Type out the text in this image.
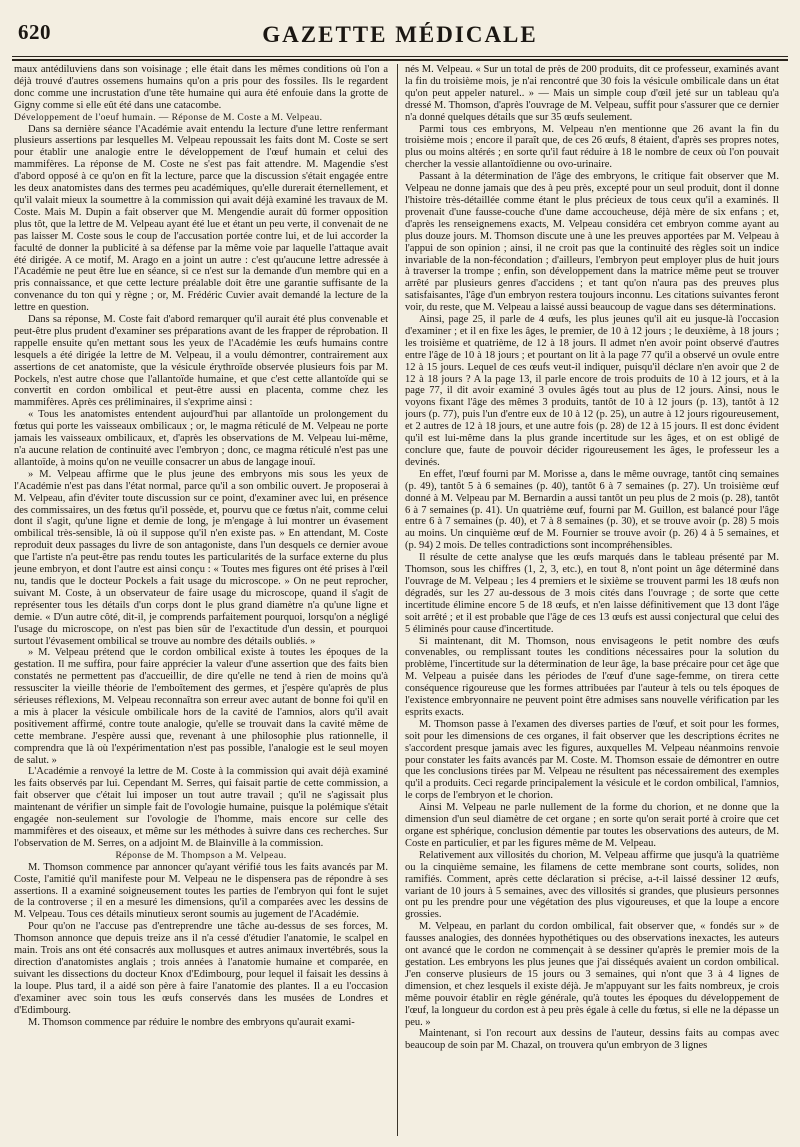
620	GAZETTE MÉDICALE

maux antédiluviens dans son voisinage ; elle était dans les mêmes conditions où l'on a déjà trouvé d'autres ossemens humains qu'on a pris pour des fossiles. Ils le regardent donc comme une incrustation d'une tête humaine qui aura été enfouie dans la grotte de Gigny comme si elle eût été dans une catacombe.

Développement de l'oeuf humain. — Réponse de M. Coste a M. Velpeau.

Dans sa dernière séance l'Académie avait entendu la lecture d'une lettre renfermant plusieurs assertions par lesquelles M. Velpeau repoussait les faits dont M. Coste se sert pour établir une analogie entre le développement de l'œuf humain et celui des mammifères. La réponse de M. Coste ne s'est pas fait attendre. M. Magendie s'est d'abord opposé à ce qu'on en fît la lecture, parce que la discussion s'était engagée entre les deux anatomistes dans des termes peu académiques, qu'elle durerait éternellement, et qu'il valait mieux la soumettre à la commission qui avait déjà examiné les travaux de M. Coste. Mais M. Dupin a fait observer que M. Mengendie aurait dû former opposition plus tôt, que la lettre de M. Velpeau ayant été lue et étant un peu verte, il convenait de ne pas laisser M. Coste sous le coup de l'accusation portée contre lui, et de lui accorder la faculté de donner la publicité à sa défense par la même voie par laquelle l'attaque avait été dirigée. A ce motif, M. Arago en a joint un autre : c'est qu'aucune lettre adressée à l'Académie ne peut être lue en séance, si ce n'est sur la demande d'un membre qui en a pris connaissance, et que cette lecture préalable doit être une garantie suffisante de la convenance du ton qui y règne ; or, M. Frédéric Cuvier avait demandé la lecture de la lettre en question.

Dans sa réponse, M. Coste fait d'abord remarquer qu'il aurait été plus convenable et peut-être plus prudent d'examiner ses préparations avant de les frapper de réprobation. Il rappelle ensuite qu'en mettant sous les yeux de l'Académie les œufs humains contre lesquels a été dirigée la lettre de M. Velpeau, il a voulu démontrer, contrairement aux assertions de cet anatomiste, que la vésicule érythroïde observée plusieurs fois par M. Pockels, n'est autre chose que l'allantoïde humaine, et que c'est cette allantoïde qui se convertit en cordon ombilical et peut-être aussi en placenta, comme chez les mammifères. Après ces préliminaires, il s'exprime ainsi :

« Tous les anatomistes entendent aujourd'hui par allantoïde un prolongement du fœtus qui porte les vaisseaux ombilicaux ; or, le magma réticulé de M. Velpeau ne porte jamais les vaisseaux ombilicaux, et, d'après les observations de M. Velpeau lui-même, n'a aucune relation de continuité avec l'embryon ; donc, ce magma réticulé n'est pas une allantoïde, à moins qu'on ne veuille consacrer un abus de langage inouï.

» M. Velpeau affirme que le plus jeune des embryons mis sous les yeux de l'Académie n'est pas dans l'état normal, parce qu'il a son ombilic ouvert. Je proposerai à M. Velpeau, afin d'éviter toute discussion sur ce point, d'examiner avec lui, en présence des commissaires, un des fœtus qu'il possède, et, pourvu que ce fœtus n'ait, comme celui dont il s'agit, qu'une ligne et demie de long, je m'engage à lui montrer un évasement ombilical très-sensible, là où il suppose qu'il n'en existe pas. » En attendant, M. Coste reproduit deux passages du livre de son antagoniste, dans l'un desquels ce dernier avoue que l'artiste n'a peut-être pas rendu toutes les particularités de la surface externe du plus jeune embryon, et dont l'autre est ainsi conçu : « Toutes mes figures ont été prises à l'œil nu, tandis que le docteur Pockels a fait usage du microscope. » On ne peut reprocher, suivant M. Coste, à un observateur de faire usage du microscope, quand il s'agit de représenter tous les détails d'un corps dont le plus grand diamètre n'a qu'une ligne et demie. « D'un autre côté, dit-il, je comprends parfaitement pourquoi, lorsqu'on a négligé l'usage du microscope, on n'est pas bien sûr de l'exactitude d'un dessin, et pourquoi surtout l'évasement ombilical se trouve au nombre des détails oubliés. »

» M. Velpeau prétend que le cordon ombilical existe à toutes les époques de la gestation. Il me suffira, pour faire apprécier la valeur d'une assertion que des faits bien constatés ne permettent pas d'accueillir, de dire qu'elle ne tend à rien de moins qu'à ressusciter la vieille théorie de l'emboîtement des germes, et j'espère qu'après de plus sérieuses réflexions, M. Velpeau reconnaîtra son erreur avec autant de bonne foi qu'il en a mis à placer la vésicule ombilicale hors de la cavité de l'amnios, alors qu'il avait positivement affirmé, contre toute analogie, qu'elle se trouvait dans la cavité même de cette membrane. J'espère aussi que, revenant à une philosophie plus rationnelle, il comprendra que là où l'expérimentation n'est pas possible, l'analogie est le seul moyen de salut. »

L'Académie a renvoyé la lettre de M. Coste à la commission qui avait déjà examiné les faits observés par lui. Cependant M. Serres, qui faisait partie de cette commission, a fait observer que c'était lui imposer un tout autre travail ; qu'il ne s'agissait plus maintenant de vérifier un simple fait de l'ovologie humaine, puisque la polémique s'était engagée non-seulement sur l'ovologie de l'homme, mais encore sur celle des mammifères et des oiseaux, et même sur les méthodes à suivre dans ces recherches. Sur l'observation de M. Serres, on a adjoint M. de Blainville à la commission.

Réponse de M. Thompson a M. Velpeau.

M. Thomson commence par annoncer qu'ayant vérifié tous les faits avancés par M. Coste, l'amitié qu'il manifeste pour M. Velpeau ne le dispensera pas de répondre à ses assertions. Il a examiné soigneusement toutes les parties de l'embryon qui font le sujet de la controverse ; il en a mesuré les dimensions, qu'il a comparées avec les dessins de M. Velpeau. Tous ces détails minutieux seront soumis au jugement de l'Académie.

Pour qu'on ne l'accuse pas d'entreprendre une tâche au-dessus de ses forces, M. Thomson annonce que depuis treize ans il n'a cessé d'étudier l'anatomie, le scalpel en main. Trois ans ont été consacrés aux mollusques et autres animaux invertébrés, sous la direction d'anatomistes anglais ; trois années à l'anatomie humaine et comparée, en suivant les dissections du docteur Knox d'Edimbourg, pour lequel il faisait les dessins à la loupe. Plus tard, il a aidé son père à faire l'anatomie des plantes. Il a eu l'occasion d'examiner avec soin tous les œufs conservés dans les musées de Londres et d'Edimbourg.

M. Thomson commence par réduire le nombre des embryons qu'aurait exami-

nés M. Velpeau. « Sur un total de près de 200 produits, dit ce professeur, examinés avant la fin du troisième mois, je n'ai rencontré que 30 fois la vésicule ombilicale dans un état qu'on peut appeler naturel.. » — Mais un simple coup d'œil jeté sur un tableau qu'a dressé M. Thomson, d'après l'ouvrage de M. Velpeau, suffit pour s'assurer que ce dernier n'a donné quelques détails que sur 35 œufs seulement.

Parmi tous ces embryons, M. Velpeau n'en mentionne que 26 avant la fin du troisième mois ; encore il paraît que, de ces 26 œufs, 8 étaient, d'après ses propres notes, plus ou moins altérés ; en sorte qu'il faut réduire à 18 le nombre de ceux où l'on pouvait chercher la vessie allantoïdienne ou ovo-urinaire.

Passant à la détermination de l'âge des embryons, le critique fait observer que M. Velpeau ne donne jamais que des à peu près, excepté pour un seul produit, dont il donne l'histoire très-détaillée comme étant le plus précieux de tous ceux qu'il a examinés. Il provenait d'une fausse-couche d'une dame accoucheuse, déjà mère de six enfans ; et, d'après les renseignemens exacts, M. Velpeau considéra cet embryon comme ayant au plus douze jours. M. Thomson discute une à une les preuves apportées par M. Velpeau à l'appui de son opinion ; ainsi, il ne croit pas que la continuité des règles soit un indice invariable de la non-fécondation ; d'ailleurs, l'embryon peut employer plus de huit jours à traverser la trompe ; enfin, son développement dans la matrice même peut se trouver arrêté par plusieurs genres d'accidens ; et tant qu'on n'aura pas des preuves plus satisfaisantes, l'âge d'un embryon restera toujours inconnu. Les citations suivantes feront voir, du reste, que M. Velpeau a laissé aussi beaucoup de vague dans ses déterminations.

Ainsi, page 25, il parle de 4 œufs, les plus jeunes qu'il ait eu jusque-là l'occasion d'examiner ; et il en fixe les âges, le premier, de 10 à 12 jours ; le deuxième, à 18 jours ; les troisième et quatrième, de 12 à 18 jours. Il admet n'en avoir point observé d'autres entre l'âge de 10 à 18 jours ; et pourtant on lit à la page 77 qu'il a observé un ovule entre 12 à 15 jours. Lequel de ces œufs veut-il indiquer, puisqu'il déclare n'en avoir que 2 de 12 à 18 jours ? A la page 13, il parle encore de trois produits de 10 à 12 jours, et à la page 77, il dit avoir examiné 3 ovules âgés tout au plus de 12 jours. Ainsi, nous le voyons fixant l'âge des mêmes 3 produits, tantôt de 10 à 12 jours (p. 13), tantôt à 12 jours (p. 77), puis l'un d'entre eux de 10 à 12 (p. 25), un autre à 12 jours rigoureusement, et 2 autres de 12 à 18 jours, et une autre fois (p. 28) de 12 à 15 jours. Il est donc évident qu'il est lui-même dans la plus grande incertitude sur les âges, et on est obligé de conclure que, faute de pouvoir décider rigoureusement les âges, le professeur les a devinés.

En effet, l'œuf fourni par M. Morisse a, dans le même ouvrage, tantôt cinq semaines (p. 49), tantôt 5 à 6 semaines (p. 40), tantôt 6 à 7 semaines (p. 27). Un troisième œuf donné à M. Velpeau par M. Bernardin a aussi tantôt un peu plus de 2 mois (p. 28), tantôt 6 à 7 semaines (p. 41). Un quatrième œuf, fourni par M. Guillon, est balancé pour l'âge entre 6 à 7 semaines (p. 40), et 7 à 8 semaines (p. 30), et se trouve avoir (p. 28) 5 mois au moins. Un cinquième œuf de M. Fournier se trouve avoir (p. 26) 4 à 5 semaines, et (p. 94) 2 mois. De telles contradictions sont incompréhensibles.

Il résulte de cette analyse que les œufs marqués dans le tableau présenté par M. Thomson, sous les chiffres (1, 2, 3, etc.), en tout 8, n'ont point un âge déterminé dans l'ouvrage de M. Velpeau ; les 4 premiers et le sixième se trouvent parmi les 18 œufs non dégradés, sur les 27 au-dessous de 3 mois cités dans l'ouvrage ; de sorte que cette incertitude élimine encore 5 de 18 œufs, et n'en laisse définitivement que 13 dont l'âge soit arrêté ; et il est probable que l'âge de ces 13 œufs est aussi conjectural que celui des 5 éliminés pour cause d'incertitude.

Si maintenant, dit M. Thomson, nous envisageons le petit nombre des œufs convenables, ou remplissant toutes les conditions nécessaires pour la solution du problème, l'incertitude sur la détermination de leur âge, la base précaire pour cet âge que M. Velpeau a puisée dans les périodes de l'œuf d'une sage-femme, on tirera cette conséquence rigoureuse que les formes attribuées par l'auteur à tels ou tels époques de l'existence embryonnaire ne peuvent point être admises sans nouvelle vérification par les esprits exacts.

M. Thomson passe à l'examen des diverses parties de l'œuf, et soit pour les formes, soit pour les dimensions de ces organes, il fait observer que les descriptions écrites ne s'accordent presque jamais avec les figures, auxquelles M. Velpeau néanmoins renvoie pour constater les faits avancés par M. Coste. M. Thomson essaie de démontrer en outre que les conclusions tirées par M. Velpeau ne résultent pas nécessairement des exemples qu'il a produits. Ceci regarde principalement la vésicule et le cordon ombilical, l'amnios, le corps de l'embryon et le chorion.

Ainsi M. Velpeau ne parle nullement de la forme du chorion, et ne donne que la dimension d'un seul diamètre de cet organe ; en sorte qu'on serait porté à croire que cet organe est sphérique, conclusion démentie par toutes les observations des auteurs, de M. Coste en particulier, et par les figures même de M. Velpeau.

Relativement aux villosités du chorion, M. Velpeau affirme que jusqu'à la quatrième ou la cinquième semaine, les filamens de cette membrane sont courts, solides, non ramifiés. Comment, après cette déclaration si précise, a-t-il laissé dessiner 12 œufs, variant de 10 jours à 5 semaines, avec des villosités si grandes, que plusieurs personnes ont pu les prendre pour une végétation des plus vigoureuses, et que la loupe a encore grossies.

M. Velpeau, en parlant du cordon ombilical, fait observer que, « fondés sur » de fausses analogies, des données hypothétiques ou des observations inexactes, les auteurs ont avancé que le cordon ne commençait à se dessiner qu'après le premier mois de la gestation. Les embryons les plus jeunes que j'ai disséqués avaient un cordon ombilical. J'en conserve plusieurs de 15 jours ou 3 semaines, qui n'ont que 3 à 4 lignes de dimension, et chez lesquels il existe déjà. Je m'appuyant sur les faits nombreux, je crois même pouvoir établir en règle générale, qu'à toutes les époques du développement de l'œuf, la longueur du cordon est à peu près égale à celle du fœtus, si elle ne la dépasse un peu. »

Maintenant, si l'on recourt aux dessins de l'auteur, dessins faits au compas avec beaucoup de soin par M. Chazal, on trouvera qu'un embryon de 3 lignes
